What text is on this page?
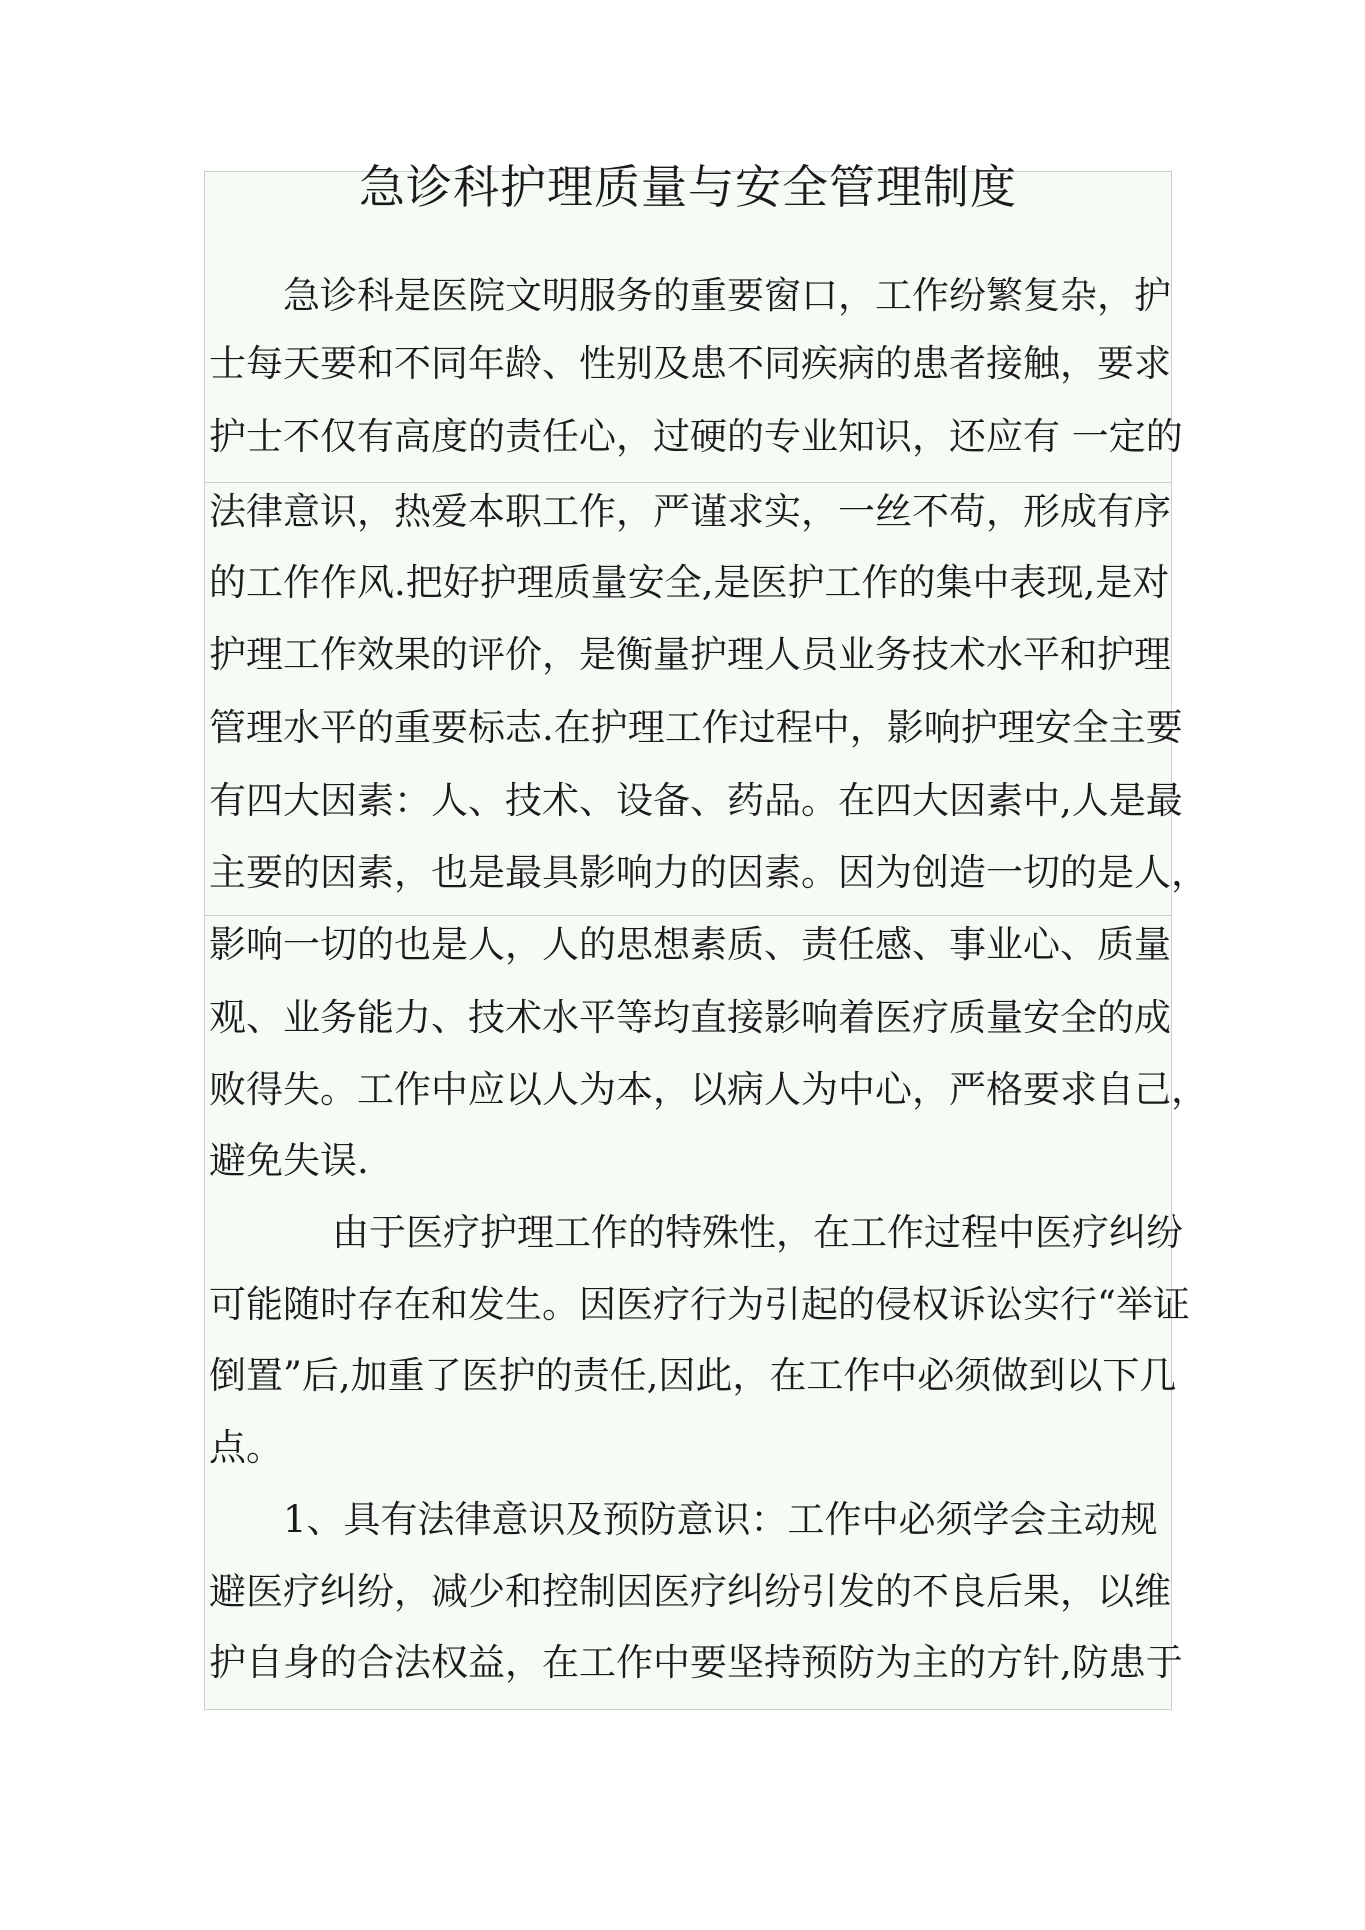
急诊科护理质量与安全管理制度

急诊科是医院文明服务的重要窗口，工作纷繁复杂，护

士每天要和不同年龄、性别及患不同疾病的患者接触，要求

护士不仅有高度的责任心，过硬的专业知识，还应有 一定的

法律意识，热爱本职工作，严谨求实，一丝不苟，形成有序

的工作作风.把好护理质量安全,是医护工作的集中表现,是对

护理工作效果的评价，是衡量护理人员业务技术水平和护理

管理水平的重要标志.在护理工作过程中，影响护理安全主要

有四大因素：人、技术、设备、药品。在四大因素中,人是最

主要的因素，也是最具影响力的因素。因为创造一切的是人，

影响一切的也是人，人的思想素质、责任感、事业心、质量

观、业务能力、技术水平等均直接影响着医疗质量安全的成

败得失。工作中应以人为本，以病人为中心，严格要求自己，

避免失误.

由于医疗护理工作的特殊性，在工作过程中医疗纠纷

可能随时存在和发生。因医疗行为引起的侵权诉讼实行“举证

倒置”后,加重了医护的责任,因此，在工作中必须做到以下几

点。

1、具有法律意识及预防意识：工作中必须学会主动规

避医疗纠纷，减少和控制因医疗纠纷引发的不良后果，以维

护自身的合法权益，在工作中要坚持预防为主的方针,防患于
